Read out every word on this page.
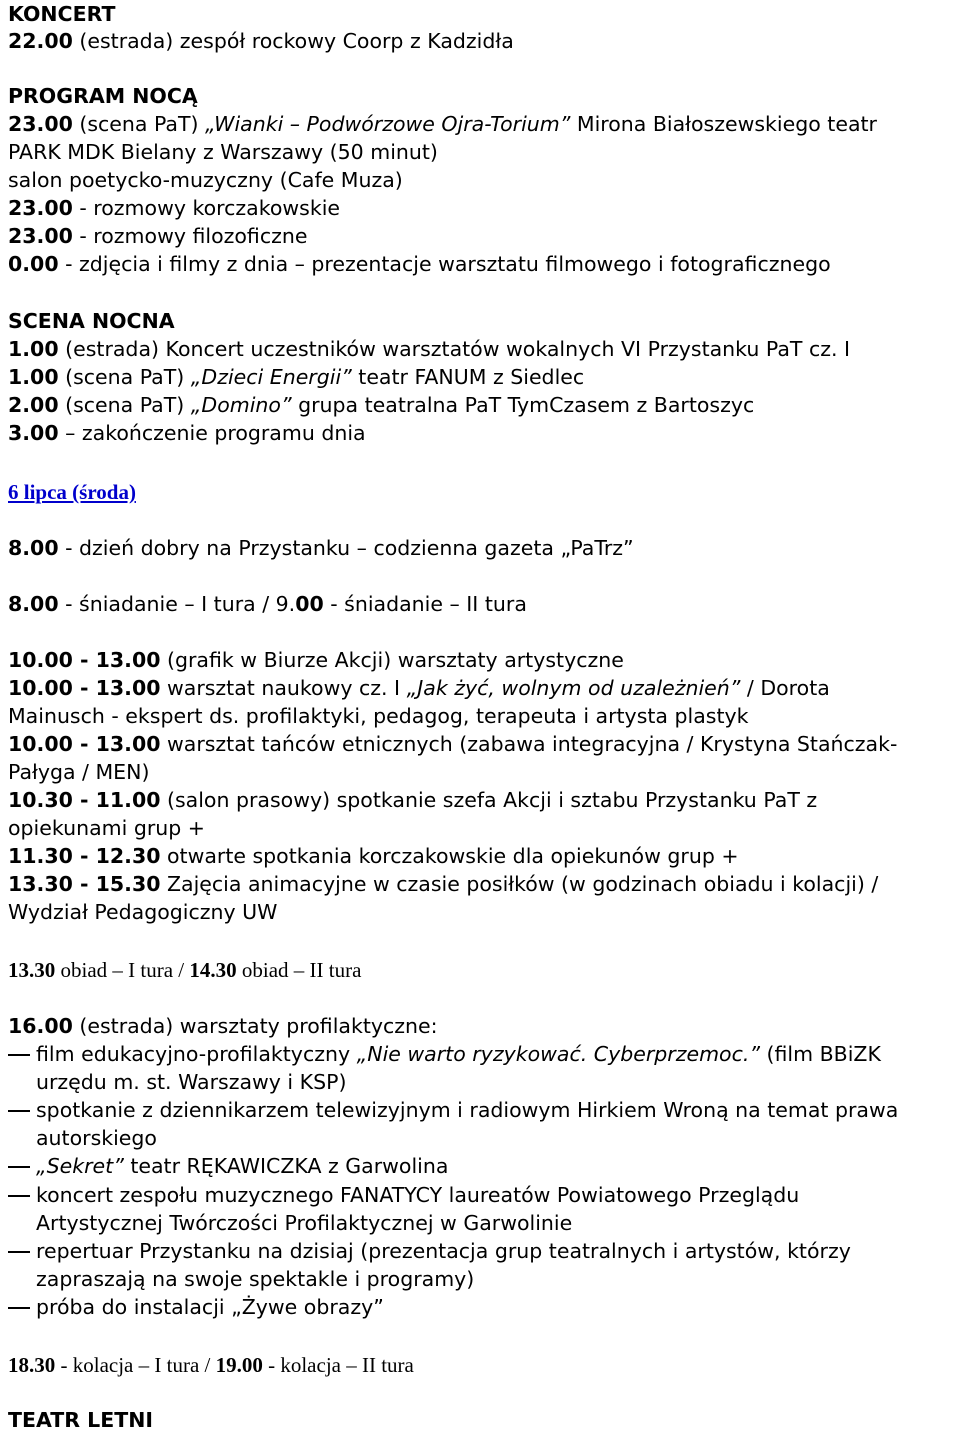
KONCERT
22.00 (estrada) zespół rockowy Coorp z Kadzidła
PROGRAM NOCĄ
23.00 (scena PaT) „Wianki – Podwórzowe Ojra-Torium” Mirona Białoszewskiego teatr
PARK MDK Bielany z Warszawy (50 minut)
salon poetycko-muzyczny (Cafe Muza)
23.00 - rozmowy korczakowskie
23.00 - rozmowy filozoficzne
0.00 - zdjęcia i filmy z dnia – prezentacje warsztatu filmowego i fotograficznego
SCENA NOCNA
1.00 (estrada) Koncert uczestników warsztatów wokalnych VI Przystanku PaT cz. I
1.00 (scena PaT) „Dzieci Energii” teatr FANUM z Siedlec
2.00 (scena PaT) „Domino” grupa teatralna PaT TymCzasem z Bartoszyc
3.00 – zakończenie programu dnia
6 lipca (środa)
8.00 - dzień dobry na Przystanku – codzienna gazeta „PaTrz”
8.00 - śniadanie – I tura / 9.00 - śniadanie – II tura
10.00 - 13.00 (grafik w Biurze Akcji) warsztaty artystyczne
10.00 - 13.00 warsztat naukowy cz. I „Jak żyć, wolnym od uzależnień” / Dorota
Mainusch - ekspert ds. profilaktyki, pedagog, terapeuta i artysta plastyk
10.00 - 13.00 warsztat tańców etnicznych (zabawa integracyjna / Krystyna Stańczak-
Pałyga / MEN)
10.30 - 11.00 (salon prasowy) spotkanie szefa Akcji i sztabu Przystanku PaT z
opiekunami grup +
11.30 - 12.30 otwarte spotkania korczakowskie dla opiekunów grup +
13.30 - 15.30 Zajęcia animacyjne w czasie posiłków (w godzinach obiadu i kolacji) /
Wydział Pedagogiczny UW
13.30 obiad – I tura / 14.30 obiad – II tura
16.00 (estrada) warsztaty profilaktyczne:
film edukacyjno-profilaktyczny „Nie warto ryzykować. Cyberprzemoc.” (film BBiZK
urzędu m. st. Warszawy i KSP)
spotkanie z dziennikarzem telewizyjnym i radiowym Hirkiem Wroną na temat prawa
autorskiego
„Sekret” teatr RĘKAWICZKA z Garwolina
koncert zespołu muzycznego FANATYCY laureatów Powiatowego Przeglądu
Artystycznej Twórczości Profilaktycznej w Garwolinie
repertuar Przystanku na dzisiaj (prezentacja grup teatralnych i artystów, którzy
zapraszają na swoje spektakle i programy)
próba do instalacji „Żywe obrazy”
18.30 - kolacja – I tura / 19.00 - kolacja – II tura
TEATR LETNI
